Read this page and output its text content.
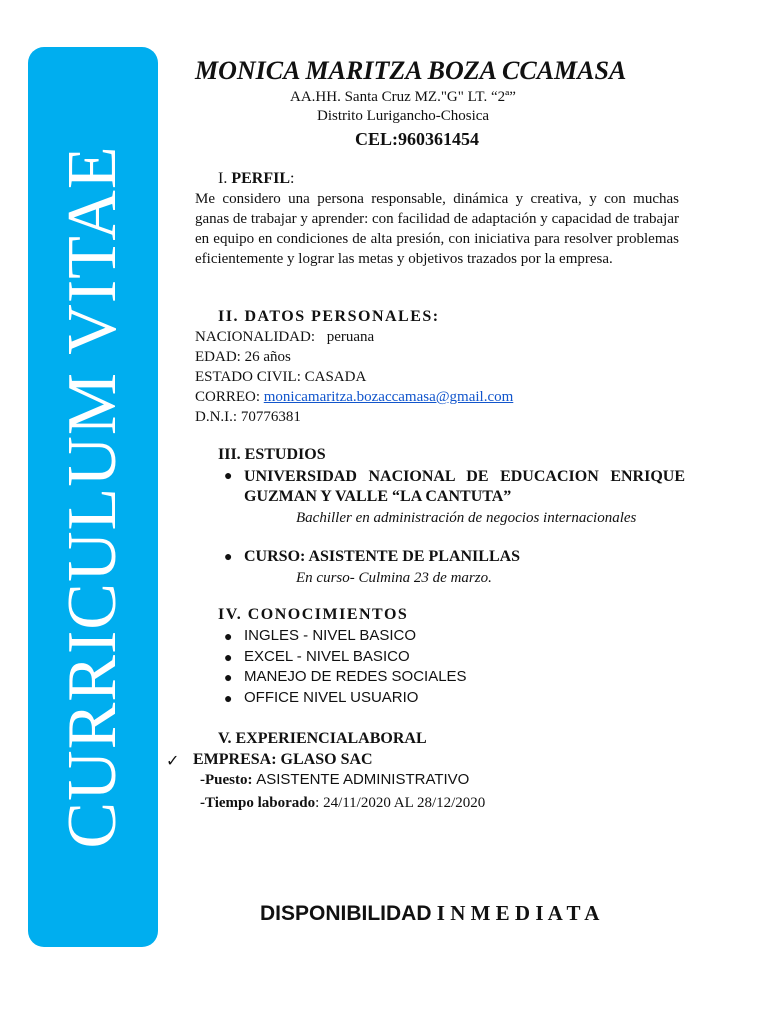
CURRICULUM VITAE
MONICA MARITZA BOZA CCAMASA
AA.HH. Santa Cruz MZ."G" LT. “2ª”
Distrito Lurigancho-Chosica
CEL:960361454
I. PERFIL:

Me considero una persona responsable, dinámica y creativa, y con muchas ganas de trabajar y aprender: con facilidad de adaptación y capacidad de trabajar en equipo en condiciones de alta presión, con iniciativa para resolver problemas eficientemente y lograr las metas y objetivos trazados por la empresa.

II. DATOS PERSONALES:
NACIONALIDAD: peruana
EDAD: 26 años
ESTADO CIVIL: CASADA
CORREO: monicamaritza.bozaccamasa@gmail.com
D.N.I.: 70776381
III. ESTUDIOS
● UNIVERSIDAD NACIONAL DE EDUCACION ENRIQUE GUZMAN Y VALLE “LA CANTUTA”
Bachiller en administración de negocios internacionales
● CURSO: ASISTENTE DE PLANILLAS
En curso- Culmina 23 de marzo.
IV. CONOCIMIENTOS
● INGLES - NIVEL BASICO
● EXCEL - NIVEL BASICO
● MANEJO DE REDES SOCIALES
● OFFICE NIVEL USUARIO
V. EXPERIENCIALABORAL
✓ EMPRESA: GLASO SAC
-Puesto: ASISTENTE ADMINISTRATIVO
-Tiempo laborado: 24/11/2020 AL 28/12/2020
DISPONIBILIDAD I N M E D I A T A
